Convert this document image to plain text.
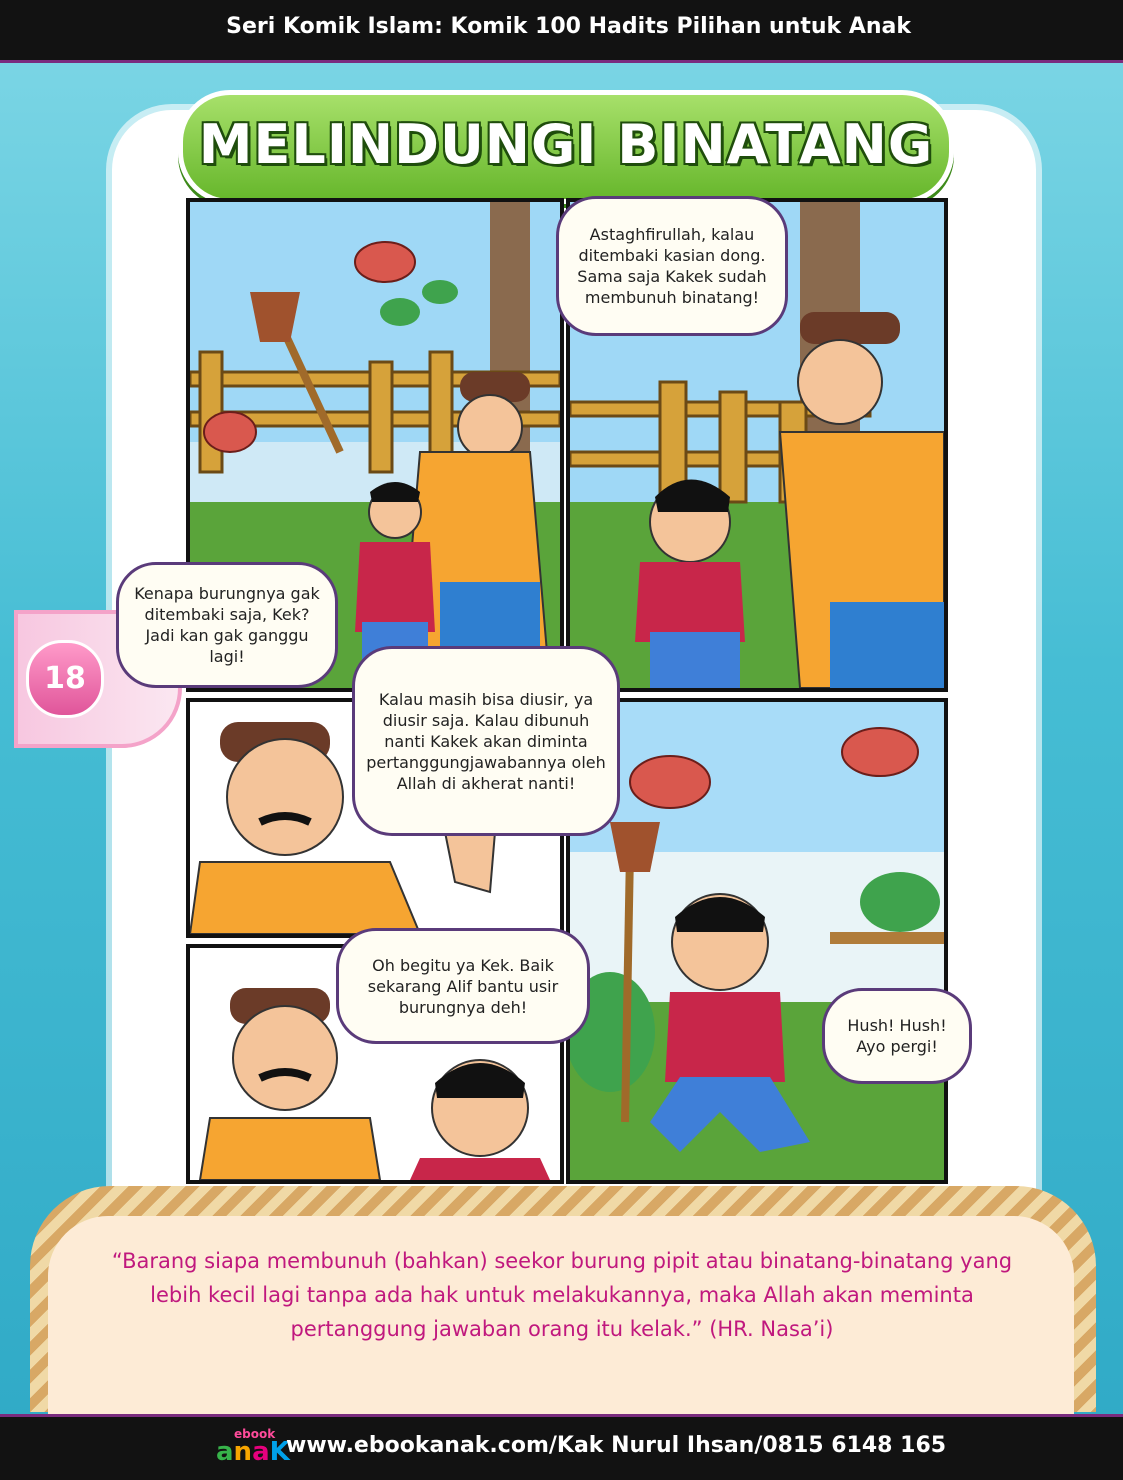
Seri Komik Islam: Komik 100 Hadits Pilihan untuk Anak
MELINDUNGI BINATANG
18
Astaghfirullah, kalau ditembaki kasian dong. Sama saja Kakek sudah membunuh binatang!
Kenapa burungnya gak ditembaki saja, Kek? Jadi kan gak ganggu lagi!
Kalau masih bisa diusir, ya diusir saja. Kalau dibunuh nanti Kakek akan diminta pertanggungjawabannya oleh Allah di akherat nanti!
Oh begitu ya Kek. Baik sekarang Alif bantu usir burungnya deh!
Hush! Hush! Ayo pergi!
“Barang siapa membunuh (bahkan) seekor burung pipit atau binatang-binatang yang lebih kecil lagi tanpa ada hak untuk melakukannya, maka Allah akan meminta pertanggung jawaban orang itu kelak.” (HR. Nasa’i)
ebook
anaK
www.ebookanak.com/Kak Nurul Ihsan/0815 6148 165
